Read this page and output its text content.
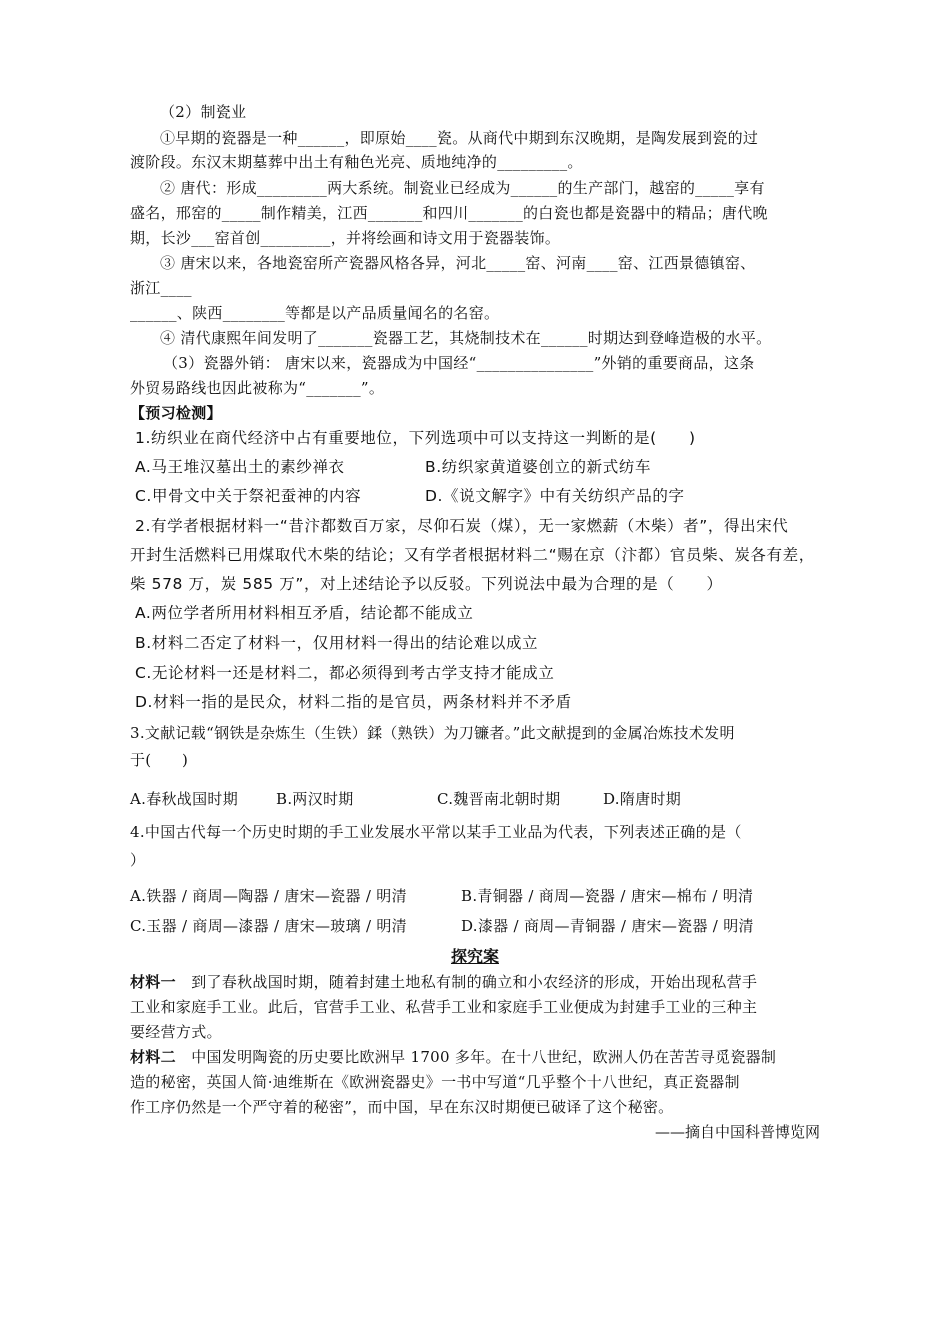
（2）制瓷业
①早期的瓷器是一种______，即原始____瓷。从商代中期到东汉晚期，是陶发展到瓷的过
渡阶段。东汉末期墓葬中出土有釉色光亮、质地纯净的_________。
② 唐代：形成_________两大系统。制瓷业已经成为______的生产部门，越窑的_____享有
盛名，邢窑的_____制作精美，江西_______和四川_______的白瓷也都是瓷器中的精品；唐代晚
期，长沙___窑首创_________，并将绘画和诗文用于瓷器装饰。
③ 唐宋以来，各地瓷窑所产瓷器风格各异，河北_____窑、河南____窑、江西景德镇窑、
浙江____
______、陕西________等都是以产品质量闻名的名窑。
④ 清代康熙年间发明了_______瓷器工艺，其烧制技术在______时期达到登峰造极的水平。
（3）瓷器外销： 唐宋以来，瓷器成为中国经“_______________”外销的重要商品，这条
外贸易路线也因此被称为“_______”。
【预习检测】
1.纺织业在商代经济中占有重要地位，下列选项中可以支持这一判断的是(　　)
A.马王堆汉墓出土的素纱禅衣	B.纺织家黄道婆创立的新式纺车
C.甲骨文中关于祭祀蚕神的内容	D.《说文解字》中有关纺织产品的字
2.有学者根据材料一“昔汴都数百万家，尽仰石炭（煤），无一家燃薪（木柴）者”，得出宋代
开封生活燃料已用煤取代木柴的结论；又有学者根据材料二“赐在京（汴都）官员柴、炭各有差，
柴 578 万，炭 585 万”，对上述结论予以反驳。下列说法中最为合理的是（　　）
A.两位学者所用材料相互矛盾，结论都不能成立
B.材料二否定了材料一，仅用材料一得出的结论难以成立
C.无论材料一还是材料二，都必须得到考古学支持才能成立
D.材料一指的是民众，材料二指的是官员，两条材料并不矛盾
3.文献记载“钢铁是杂炼生（生铁）鍒（熟铁）为刀镰者。”此文献提到的金属冶炼技术发明
于(　　)
A.春秋战国时期	B.两汉时期	C.魏晋南北朝时期	D.隋唐时期
4.中国古代每一个历史时期的手工业发展水平常以某手工业品为代表，下列表述正确的是（
）
A.铁器 / 商周—陶器 / 唐宋—瓷器 / 明清	B.青铜器 / 商周—瓷器 / 唐宋—棉布 / 明清
C.玉器 / 商周—漆器 / 唐宋—玻璃 / 明清	D.漆器 / 商周—青铜器 / 唐宋—瓷器 / 明清
探究案
材料一　到了春秋战国时期，随着封建土地私有制的确立和小农经济的形成，开始出现私营手
工业和家庭手工业。此后，官营手工业、私营手工业和家庭手工业便成为封建手工业的三种主
要经营方式。
材料二　中国发明陶瓷的历史要比欧洲早 1700 多年。在十八世纪，欧洲人仍在苦苦寻觅瓷器制
造的秘密，英国人简·迪维斯在《欧洲瓷器史》一书中写道“几乎整个十八世纪，真正瓷器制
作工序仍然是一个严守着的秘密”，而中国，早在东汉时期便已破译了这个秘密。
——摘自中国科普博览网
